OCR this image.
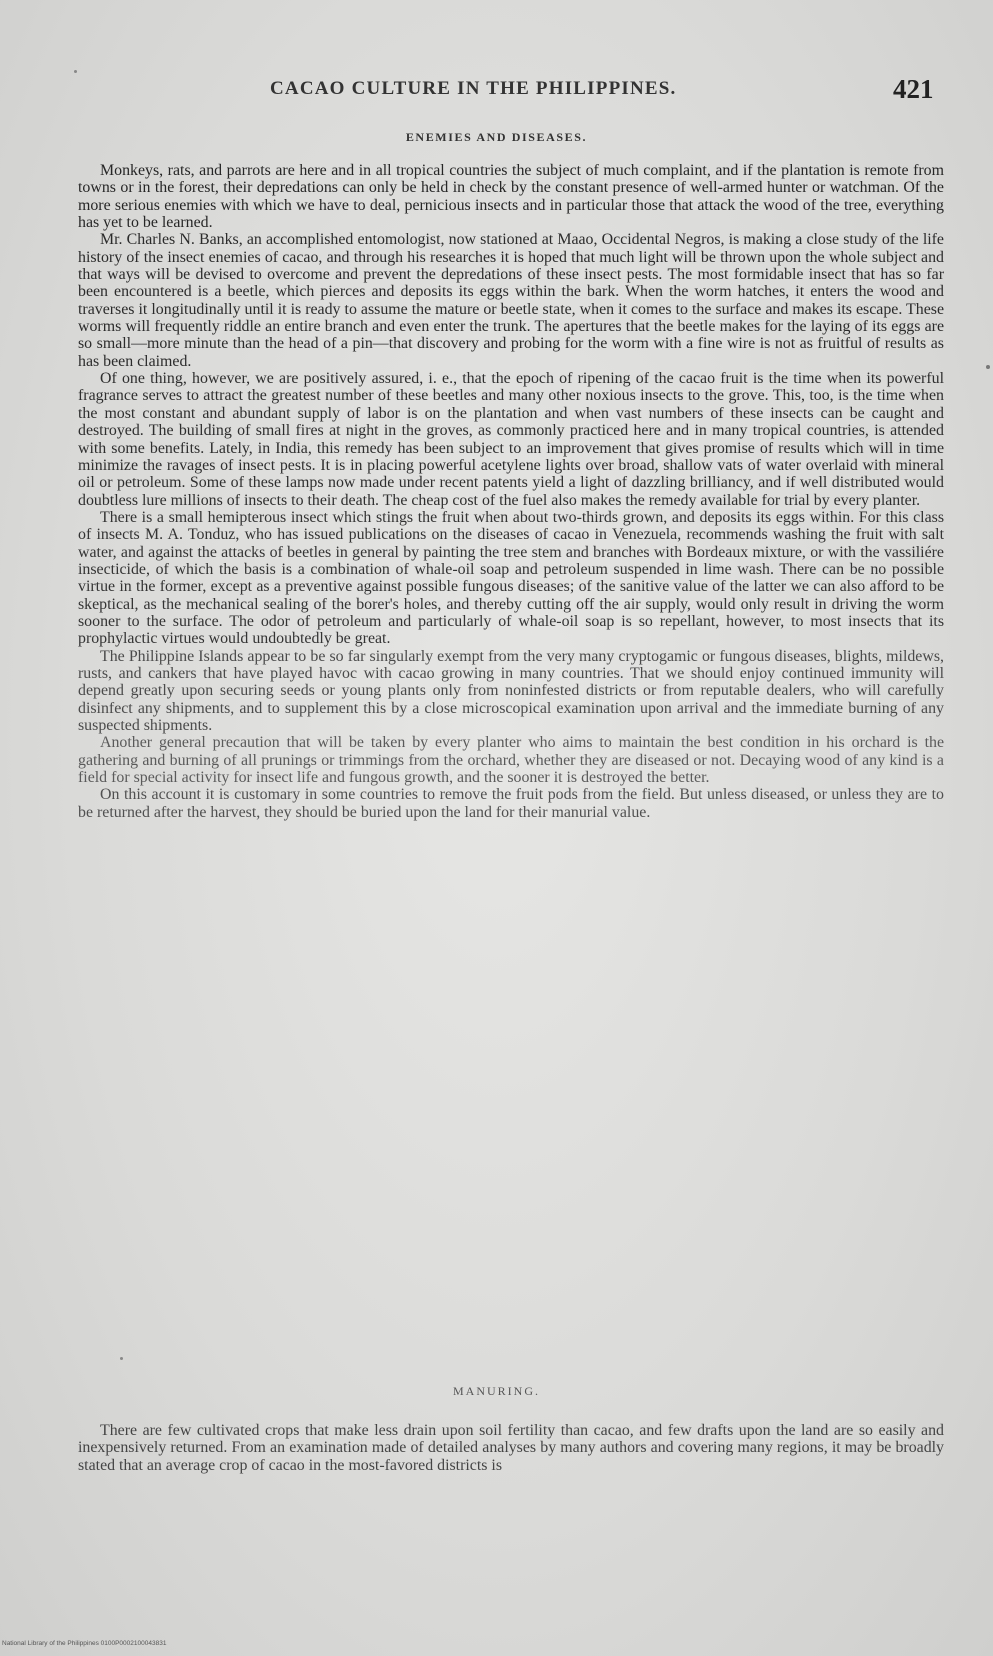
CACAO CULTURE IN THE PHILIPPINES.	421
ENEMIES AND DISEASES.

Monkeys, rats, and parrots are here and in all tropical countries the subject of much complaint, and if the plantation is remote from towns or in the forest, their depredations can only be held in check by the constant presence of well-armed hunter or watchman. Of the more serious enemies with which we have to deal, pernicious insects and in particular those that attack the wood of the tree, everything has yet to be learned.

Mr. Charles N. Banks, an accomplished entomologist, now stationed at Maao, Occidental Negros, is making a close study of the life history of the insect enemies of cacao, and through his researches it is hoped that much light will be thrown upon the whole subject and that ways will be devised to overcome and prevent the depredations of these insect pests. The most formidable insect that has so far been encountered is a beetle, which pierces and deposits its eggs within the bark. When the worm hatches, it enters the wood and traverses it longitudinally until it is ready to assume the mature or beetle state, when it comes to the surface and makes its escape. These worms will frequently riddle an entire branch and even enter the trunk. The apertures that the beetle makes for the laying of its eggs are so small—more minute than the head of a pin—that discovery and probing for the worm with a fine wire is not as fruitful of results as has been claimed.

Of one thing, however, we are positively assured, i. e., that the epoch of ripening of the cacao fruit is the time when its powerful fragrance serves to attract the greatest number of these beetles and many other noxious insects to the grove. This, too, is the time when the most constant and abundant supply of labor is on the plantation and when vast numbers of these insects can be caught and destroyed. The building of small fires at night in the groves, as commonly practiced here and in many tropical countries, is attended with some benefits. Lately, in India, this remedy has been subject to an improvement that gives promise of results which will in time minimize the ravages of insect pests. It is in placing powerful acetylene lights over broad, shallow vats of water overlaid with mineral oil or petroleum. Some of these lamps now made under recent patents yield a light of dazzling brilliancy, and if well distributed would doubtless lure millions of insects to their death. The cheap cost of the fuel also makes the remedy available for trial by every planter.

There is a small hemipterous insect which stings the fruit when about two-thirds grown, and deposits its eggs within. For this class of insects M. A. Tonduz, who has issued publications on the diseases of cacao in Venezuela, recommends washing the fruit with salt water, and against the attacks of beetles in general by painting the tree stem and branches with Bordeaux mixture, or with the vassiliére insecticide, of which the basis is a combination of whale-oil soap and petroleum suspended in lime wash. There can be no possible virtue in the former, except as a preventive against possible fungous diseases; of the sanitive value of the latter we can also afford to be skeptical, as the mechanical sealing of the borer's holes, and thereby cutting off the air supply, would only result in driving the worm sooner to the surface. The odor of petroleum and particularly of whale-oil soap is so repellant, however, to most insects that its prophylactic virtues would undoubtedly be great.

The Philippine Islands appear to be so far singularly exempt from the very many cryptogamic or fungous diseases, blights, mildews, rusts, and cankers that have played havoc with cacao growing in many countries. That we should enjoy continued immunity will depend greatly upon securing seeds or young plants only from noninfested districts or from reputable dealers, who will carefully disinfect any shipments, and to supplement this by a close microscopical examination upon arrival and the immediate burning of any suspected shipments.

Another general precaution that will be taken by every planter who aims to maintain the best condition in his orchard is the gathering and burning of all prunings or trimmings from the orchard, whether they are diseased or not. Decaying wood of any kind is a field for special activity for insect life and fungous growth, and the sooner it is destroyed the better.

On this account it is customary in some countries to remove the fruit pods from the field. But unless diseased, or unless they are to be returned after the harvest, they should be buried upon the land for their manurial value.

MANURING.

There are few cultivated crops that make less drain upon soil fertility than cacao, and few drafts upon the land are so easily and inexpensively returned. From an examination made of detailed analyses by many authors and covering many regions, it may be broadly stated that an average crop of cacao in the most-favored districts is

National Library of the Philippines 0100P0002100043831
